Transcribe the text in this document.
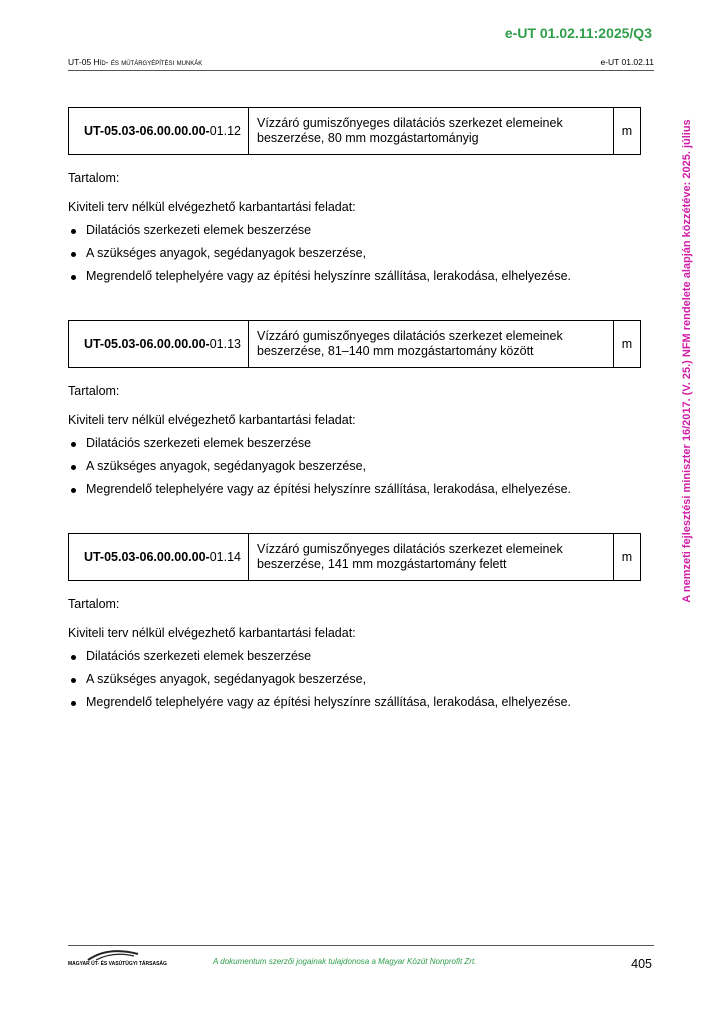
e-UT 01.02.11:2025/Q3
UT-05 Híd- és műtárgyépítési munkák	e-UT 01.02.11
A nemzeti fejlesztési miniszter 16/2017. (V. 25.) NFM rendelete alapján közzétéve: 2025. július
UT-05.03-06.00.00.00- 01.12
Vízzáró gumiszőnyeges dilatációs szerkezet elemeinek
beszerzése, 80 mm mozgástartományig	m
Tartalom:
Kiviteli terv nélkül elvégezhető karbantartási feladat:
Dilatációs szerkezeti elemek beszerzése
A szükséges anyagok, segédanyagok beszerzése,
Megrendelő telephelyére vagy az építési helyszínre szállítása, lerakodása, elhelyezése.
UT-05.03-06.00.00.00- 01.13
Vízzáró gumiszőnyeges dilatációs szerkezet elemeinek
beszerzése, 81–140 mm mozgástartomány között	m
Tartalom:
Kiviteli terv nélkül elvégezhető karbantartási feladat:
Dilatációs szerkezeti elemek beszerzése
A szükséges anyagok, segédanyagok beszerzése,
Megrendelő telephelyére vagy az építési helyszínre szállítása, lerakodása, elhelyezése.
UT-05.03-06.00.00.00- 01.14
Vízzáró gumiszőnyeges dilatációs szerkezet elemeinek
beszerzése, 141 mm mozgástartomány felett	m
Tartalom:
Kiviteli terv nélkül elvégezhető karbantartási feladat:
Dilatációs szerkezeti elemek beszerzése
A szükséges anyagok, segédanyagok beszerzése,
Megrendelő telephelyére vagy az építési helyszínre szállítása, lerakodása, elhelyezése.
MAGYAR ÚT- ÉS VASÚTÜGYI TÁRSASÁG	A dokumentum szerzői jogainak tulajdonosa a Magyar Közút Nonprofit Zrt.	405
